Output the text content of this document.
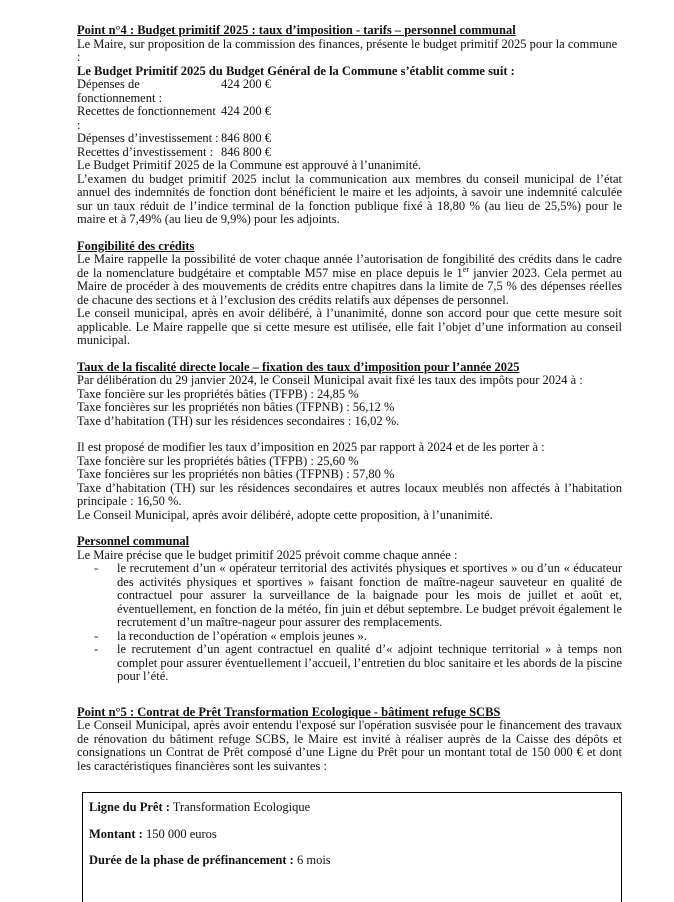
Point n°4 : Budget primitif 2025 : taux d’imposition - tarifs – personnel communal

Le Maire, sur proposition de la commission des finances, présente le budget primitif 2025 pour la commune :

Le Budget Primitif 2025 du Budget Général de la Commune s’établit comme suit :

Dépenses de fonctionnement :	424 200 €
Recettes de fonctionnement :	424 200 €
Dépenses d’investissement :	846 800 €
Recettes d’investissement :	846 800 €

Le Budget Primitif 2025 de la Commune est approuvé à l’unanimité.

L’examen du budget primitif 2025 inclut la communication aux membres du conseil municipal de l’état annuel des indemnités de fonction dont bénéficient le maire et les adjoints, à savoir une indemnité calculée sur un taux réduit de l’indice terminal de la fonction publique fixé à 18,80 % (au lieu de 25,5%) pour le maire et à 7,49% (au lieu de 9,9%) pour les adjoints.

Fongibilité des crédits

Le Maire rappelle la possibilité de voter chaque année l’autorisation de fongibilité des crédits dans le cadre de la nomenclature budgétaire et comptable M57 mise en place depuis le 1er janvier 2023. Cela permet au Maire de procéder à des mouvements de crédits entre chapitres dans la limite de 7,5 % des dépenses réelles de chacune des sections et à l’exclusion des crédits relatifs aux dépenses de personnel.

Le conseil municipal, après en avoir délibéré, à l’unanimité, donne son accord pour que cette mesure soit applicable. Le Maire rappelle que si cette mesure est utilisée, elle fait l’objet d’une information au conseil municipal.

Taux de la fiscalité directe locale – fixation des taux d’imposition pour l’année 2025

Par délibération du 29 janvier 2024, le Conseil Municipal avait fixé les taux des impôts pour 2024 à :

Taxe foncière sur les propriétés bâties (TFPB) : 24,85 %

Taxe foncières sur les propriétés non bâties (TFPNB) : 56,12 %

Taxe d’habitation (TH) sur les résidences secondaires : 16,02 %.

Il est proposé de modifier les taux d’imposition en 2025 par rapport à 2024 et de les porter à :

Taxe foncière sur les propriétés bâties (TFPB) : 25,60 %

Taxe foncières sur les propriétés non bâties (TFPNB) : 57,80 %

Taxe d’habitation (TH) sur les résidences secondaires et autres locaux meublés non affectés à l’habitation principale : 16,50 %.

Le Conseil Municipal, après avoir délibéré, adopte cette proposition, à l’unanimité.

Personnel communal

Le Maire précise que le budget primitif 2025 prévoit comme chaque année :

- le recrutement d’un « opérateur territorial des activités physiques et sportives » ou d’un « éducateur des activités physiques et sportives » faisant fonction de maître-nageur sauveteur en qualité de contractuel pour assurer la surveillance de la baignade pour les mois de juillet et août et, éventuellement, en fonction de la météo, fin juin et début septembre. Le budget prévoit également le recrutement d’un maître-nageur pour assurer des remplacements.
- la reconduction de l’opération « emplois jeunes ».
- le recrutement d’un agent contractuel en qualité d’« adjoint technique territorial » à temps non complet pour assurer éventuellement l’accueil, l’entretien du bloc sanitaire et les abords de la piscine pour l’été.

Point n°5 : Contrat de Prêt Transformation Ecologique - bâtiment refuge SCBS

Le Conseil Municipal, après avoir entendu l'exposé sur l'opération susvisée pour le financement des travaux de rénovation du bâtiment refuge SCBS, le Maire est invité à réaliser auprès de la Caisse des dépôts et consignations un Contrat de Prêt composé d’une Ligne du Prêt pour un montant total de 150 000 € et dont les caractéristiques financières sont les suivantes :

Ligne du Prêt : Transformation Ecologique

Montant : 150 000 euros

Durée de la phase de préfinancement : 6 mois
